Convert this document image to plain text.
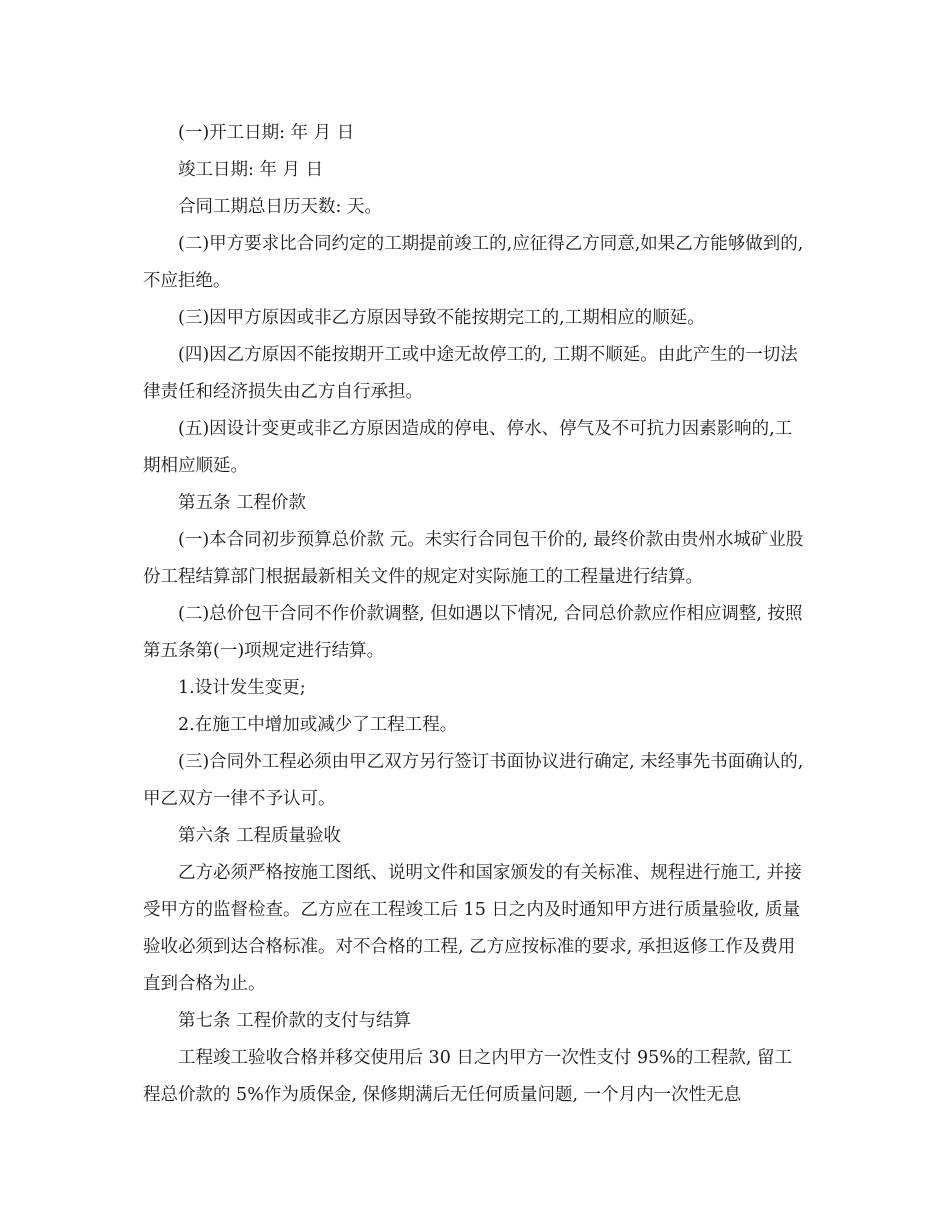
(一)开工日期: 年 月 日

竣工日期: 年 月 日

合同工期总日历天数: 天。

(二)甲方要求比合同约定的工期提前竣工的,应征得乙方同意,如果乙方能够做到的,不应拒绝。

(三)因甲方原因或非乙方原因导致不能按期完工的,工期相应的顺延。

(四)因乙方原因不能按期开工或中途无故停工的, 工期不顺延。由此产生的一切法律责任和经济损失由乙方自行承担。

(五)因设计变更或非乙方原因造成的停电、停水、停气及不可抗力因素影响的,工期相应顺延。

第五条 工程价款

(一)本合同初步预算总价款 元。未实行合同包干价的, 最终价款由贵州水城矿业股份工程结算部门根据最新相关文件的规定对实际施工的工程量进行结算。

(二)总价包干合同不作价款调整, 但如遇以下情况, 合同总价款应作相应调整, 按照第五条第(一)项规定进行结算。

1.设计发生变更;

2.在施工中增加或减少了工程工程。

(三)合同外工程必须由甲乙双方另行签订书面协议进行确定, 未经事先书面确认的, 甲乙双方一律不予认可。

第六条 工程质量验收

乙方必须严格按施工图纸、说明文件和国家颁发的有关标准、规程进行施工, 并接受甲方的监督检查。乙方应在工程竣工后 15 日之内及时通知甲方进行质量验收, 质量验收必须到达合格标准。对不合格的工程, 乙方应按标准的要求, 承担返修工作及费用直到合格为止。

第七条 工程价款的支付与结算

工程竣工验收合格并移交使用后 30 日之内甲方一次性支付 95%的工程款, 留工程总价款的 5%作为质保金, 保修期满后无任何质量问题, 一个月内一次性无息
